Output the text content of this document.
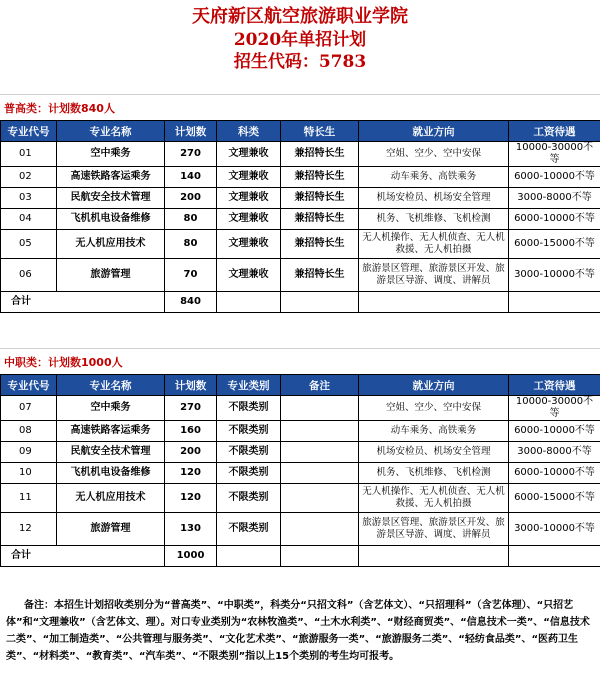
天府新区航空旅游职业学院
2020年单招计划
招生代码：5783
普高类：计划数840人
专业代号	专业名称	计划数	科类	特长生	就业方向	工资待遇
01	空中乘务	270	文理兼收	兼招特长生	空姐、空少、空中安保	10000-30000不等
02	高速铁路客运乘务	140	文理兼收	兼招特长生	动车乘务、高铁乘务	6000-10000不等
03	民航安全技术管理	200	文理兼收	兼招特长生	机场安检员、机场安全管理	3000-8000不等
04	飞机机电设备维修	80	文理兼收	兼招特长生	机务、飞机维修、飞机检测	6000-10000不等
05	无人机应用技术	80	文理兼收	兼招特长生	无人机操作、无人机侦查、无人机救援、无人机拍摄	6000-15000不等
06	旅游管理	70	文理兼收	兼招特长生	旅游景区管理、旅游景区开发、旅游景区导游、调度、讲解员	3000-10000不等
合计		840				
中职类：计划数1000人
专业代号	专业名称	计划数	专业类别	备注	就业方向	工资待遇
07	空中乘务	270	不限类别		空姐、空少、空中安保	10000-30000不等
08	高速铁路客运乘务	160	不限类别		动车乘务、高铁乘务	6000-10000不等
09	民航安全技术管理	200	不限类别		机场安检员、机场安全管理	3000-8000不等
10	飞机机电设备维修	120	不限类别		机务、飞机维修、飞机检测	6000-10000不等
11	无人机应用技术	120	不限类别		无人机操作、无人机侦查、无人机救援、无人机拍摄	6000-15000不等
12	旅游管理	130	不限类别		旅游景区管理、旅游景区开发、旅游景区导游、调度、讲解员	3000-10000不等
合计		1000				
备注：本招生计划招收类别分为“普高类”、“中职类”，科类分“只招文科”（含艺体文）、“只招理科”（含艺体理）、“只招艺体”和“文理兼收”（含艺体文、理）。对口专业类别为“农林牧渔类”、“土木水利类”、“财经商贸类”、“信息技术一类”、“信息技术二类”、“加工制造类”、“公共管理与服务类”、“文化艺术类”、“旅游服务一类”、“旅游服务二类”、“轻纺食品类”、“医药卫生类”、“材料类”、“教育类”、“汽车类”、“不限类别”指以上15个类别的考生均可报考。
